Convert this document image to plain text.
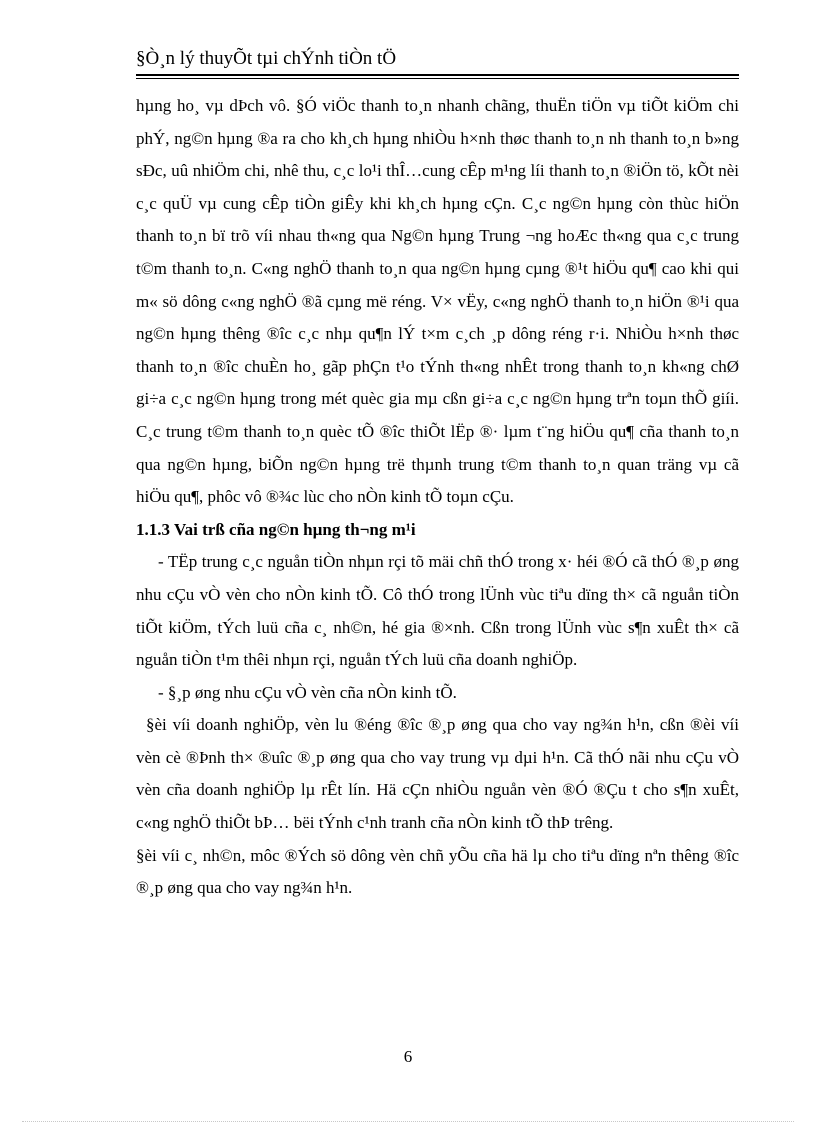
§Ò¸n lý thuyÕt tµi chÝnh tiÒn tÖ

hµng ho¸ vµ dÞch vô. §Ó viÖc thanh to¸n nhanh chãng, thuËn tiÖn vµ tiÕt kiÖm chi phÝ, ng©n hµng ®a ra cho kh¸ch hµng nhiÒu h×nh thøc thanh to¸n nh thanh to¸n b»ng sÐc, uû nhiÖm chi, nhê thu, c¸c lo¹i thÎ…cung cÊp m¹ng líi thanh to¸n ®iÖn tö, kÕt nèi c¸c quÜ vµ cung cÊp tiÒn giÊy khi kh¸ch hµng cÇn. C¸c ng©n hµng còn thùc hiÖn thanh to¸n bï trõ víi nhau th«ng qua Ng©n hµng Trung ¬ng hoÆc th«ng qua c¸c trung t©m thanh to¸n. C«ng nghÖ thanh to¸n qua ng©n hµng cµng ®¹t hiÖu qu¶ cao khi qui m« sö dông c«ng nghÖ ®ã cµng më réng. V× vËy, c«ng nghÖ thanh to¸n hiÖn ®¹i qua ng©n hµng thêng ®îc c¸c nhµ qu¶n lÝ t×m c¸ch ¸p dông réng r·i. NhiÒu h×nh thøc thanh to¸n ®îc chuÈn ho¸ gãp phÇn t¹o tÝnh th«ng nhÊt trong thanh to¸n kh«ng chØ gi÷a c¸c ng©n hµng trong mét quèc gia mµ cßn gi÷a c¸c ng©n hµng trªn toµn thÕ giíi. C¸c trung t©m thanh to¸n quèc tÕ ®îc thiÕt lËp ®· lµm t¨ng hiÖu qu¶ cña thanh to¸n qua ng©n hµng, biÕn ng©n hµng trë thµnh trung t©m thanh to¸n quan träng vµ cã hiÖu qu¶, phôc vô ®¾c lùc cho nÒn kinh tÕ toµn cÇu.

1.1.3 Vai trß cña ng©n hµng th¬ng m¹i

- TËp trung c¸c nguån tiÒn nhµn rçi tõ mäi chñ thÓ trong x· héi ®Ó cã thÓ ®¸p øng nhu cÇu vÒ vèn cho nÒn kinh tÕ. Cô thÓ trong lÜnh vùc tiªu dïng th× cã nguån tiÒn tiÕt kiÖm, tÝch luü cña c¸ nh©n, hé gia ®×nh. Cßn trong lÜnh vùc s¶n xuÊt th× cã nguån tiÒn t¹m thêi nhµn rçi, nguån tÝch luü cña doanh nghiÖp.

- §¸p øng nhu cÇu vÒ vèn cña nÒn kinh tÕ.

§èi víi doanh nghiÖp, vèn lu ®éng ®îc ®¸p øng qua cho vay ng¾n h¹n, cßn ®èi víi vèn cè ®Þnh th× ®uîc ®¸p øng qua cho vay trung vµ dµi h¹n. Cã thÓ nãi nhu cÇu vÒ vèn cña doanh nghiÖp lµ rÊt lín. Hä cÇn nhiÒu nguån vèn ®Ó ®Çu t cho s¶n xuÊt, c«ng nghÖ thiÕt bÞ… bëi tÝnh c¹nh tranh cña nÒn kinh tÕ thÞ trêng.

§èi víi c¸ nh©n, môc ®Ých sö dông vèn chñ yÕu cña hä lµ cho tiªu dïng nªn thêng ®îc ®¸p øng qua cho vay ng¾n h¹n.

6
